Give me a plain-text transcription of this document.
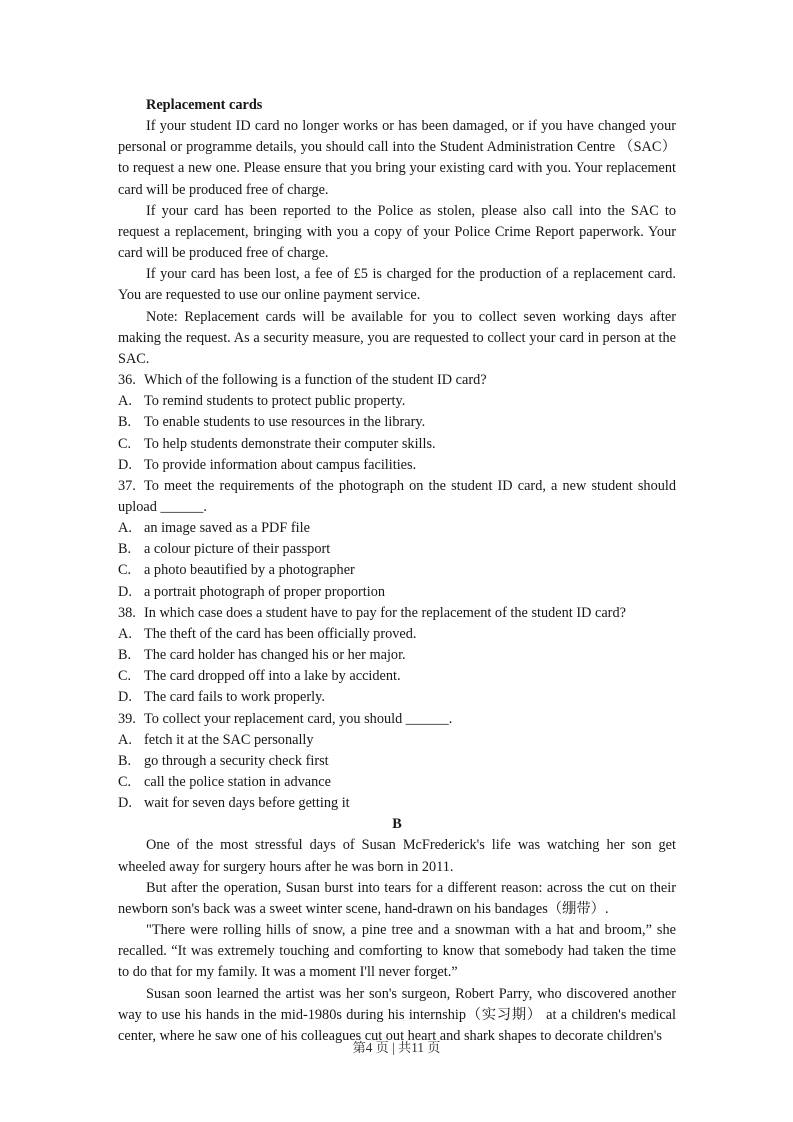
Replacement cards

If your student ID card no longer works or has been damaged, or if you have changed your personal or programme details, you should call into the Student Administration Centre （SAC） to request a new one. Please ensure that you bring your existing card with you. Your replacement card will be produced free of charge.

If your card has been reported to the Police as stolen, please also call into the SAC to request a replacement, bringing with you a copy of your Police Crime Report paperwork. Your card will be produced free of charge.

If your card has been lost, a fee of £5 is charged for the production of a replacement card. You are requested to use our online payment service.

Note: Replacement cards will be available for you to collect seven working days after making the request. As a security measure, you are requested to collect your card in person at the SAC.

36. Which of the following is a function of the student ID card?

A. To remind students to protect public property.

B. To enable students to use resources in the library.

C. To help students demonstrate their computer skills.

D. To provide information about campus facilities.

37. To meet the requirements of the photograph on the student ID card, a new student should upload ______.

A. an image saved as a PDF file

B. a colour picture of their passport

C. a photo beautified by a photographer

D. a portrait photograph of proper proportion

38. In which case does a student have to pay for the replacement of the student ID card?

A. The theft of the card has been officially proved.

B. The card holder has changed his or her major.

C. The card dropped off into a lake by accident.

D. The card fails to work properly.

39. To collect your replacement card, you should ______.

A. fetch it at the SAC personally

B. go through a security check first

C. call the police station in advance

D. wait for seven days before getting it

B

One of the most stressful days of Susan McFrederick's life was watching her son get wheeled away for surgery hours after he was born in 2011.

But after the operation, Susan burst into tears for a different reason: across the cut on their newborn son's back was a sweet winter scene, hand-drawn on his bandages（绷带）.

"There were rolling hills of snow, a pine tree and a snowman with a hat and broom,” she recalled. “It was extremely touching and comforting to know that somebody had taken the time to do that for my family. It was a moment I'll never forget.”

Susan soon learned the artist was her son's surgeon, Robert Parry, who discovered another way to use his hands in the mid-1980s during his internship（实习期） at a children's medical center, where he saw one of his colleagues cut out heart and shark shapes to decorate children's

第4 页 | 共11 页
